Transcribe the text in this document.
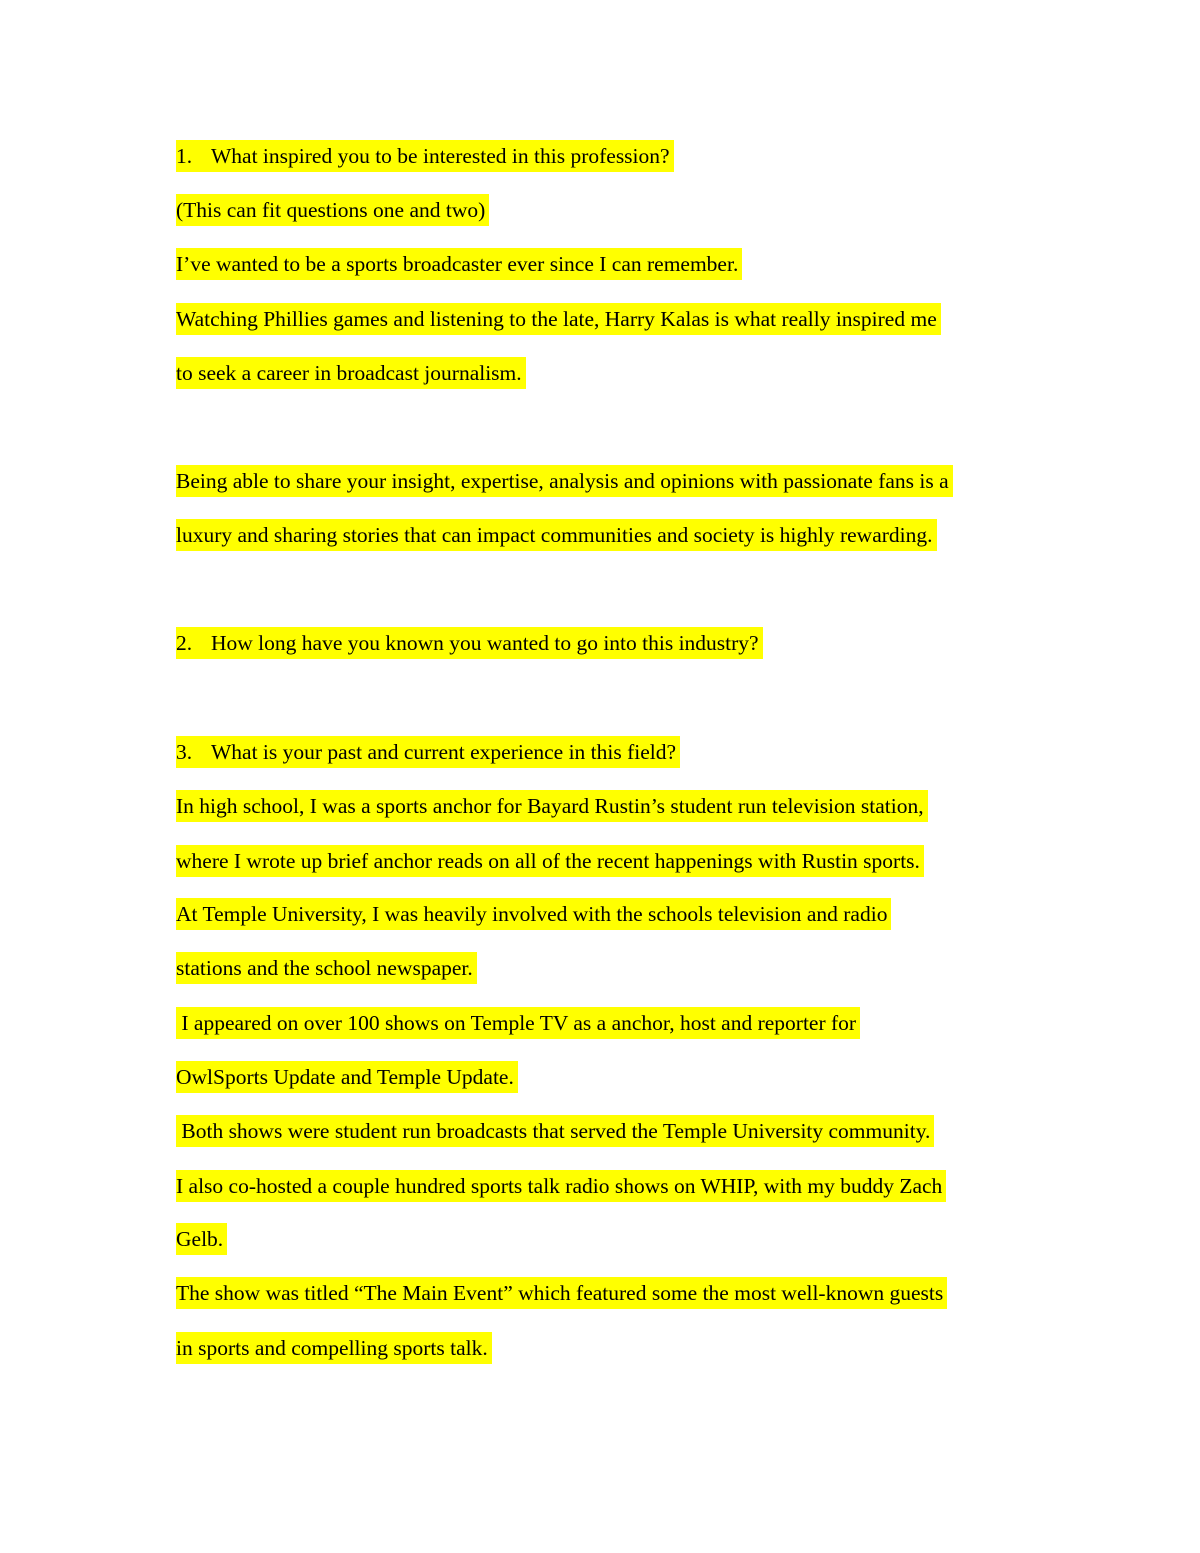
1. What inspired you to be interested in this profession?
(This can fit questions one and two)
I’ve wanted to be a sports broadcaster ever since I can remember.
Watching Phillies games and listening to the late, Harry Kalas is what really inspired me
to seek a career in broadcast journalism.
Being able to share your insight, expertise, analysis and opinions with passionate fans is a
luxury and sharing stories that can impact communities and society is highly rewarding.
2. How long have you known you wanted to go into this industry?
3. What is your past and current experience in this field?
In high school, I was a sports anchor for Bayard Rustin’s student run television station,
where I wrote up brief anchor reads on all of the recent happenings with Rustin sports.
At Temple University, I was heavily involved with the schools television and radio
stations and the school newspaper.
I appeared on over 100 shows on Temple TV as a anchor, host and reporter for
OwlSports Update and Temple Update.
Both shows were student run broadcasts that served the Temple University community.
I also co-hosted a couple hundred sports talk radio shows on WHIP, with my buddy Zach
Gelb.
The show was titled “The Main Event” which featured some the most well-known guests
in sports and compelling sports talk.
